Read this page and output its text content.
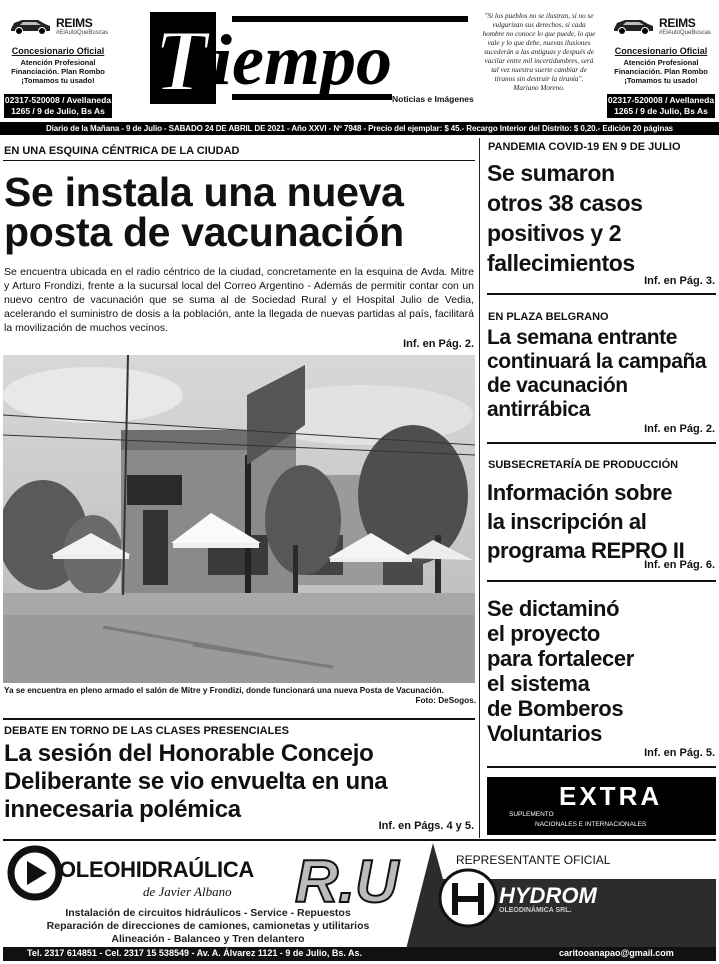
REIMS
#ElAutoQueBuscas
Concesionario Oficial
Atención Profesional
Financiación. Plan Rombo
¡Tomamos tu usado!
02317-520008 / Avellaneda
1265 / 9 de Julio, Bs As
T iempo Noticias e Imágenes
"Si los pueblos no se ilustran, si no se vulgarizan sus derechos, si cada hombre no conoce lo que puede, lo que vale y lo que debe, nuevas ilusiones sucederán a las antiguas y después de vacilar entre mil incertidumbres, será tal vez nuestra suerte cambiar de tiranos sin destruir la tiranía". Mariano Moreno.
REIMS
#ElAutoQueBuscas
Concesionario Oficial
Atención Profesional
Financiación. Plan Rombo
¡Tomamos tu usado!
02317-520008 / Avellaneda
1265 / 9 de Julio, Bs As
Diario de la Mañana - 9 de Julio - SABADO 24 DE ABRIL DE 2021 - Año XXVI - Nº 7948 - Precio del ejemplar: $ 45.- Recargo Interior del Distrito: $ 0,20.- Edición 20 páginas
EN UNA ESQUINA CÉNTRICA DE LA CIUDAD
Se instala una nueva
posta de vacunación
Se encuentra ubicada en el radio céntrico de la ciudad, concretamente en la esquina de Avda. Mitre y Arturo Frondizi, frente a la sucursal local del Correo Argentino - Además de permitir contar con un nuevo centro de vacunación que se suma al de Sociedad Rural y el Hospital Julio de Vedia, acelerando el suministro de dosis a la población, ante la llegada de nuevas partidas al país, facilitará la movilización de muchos vecinos.
Inf. en Pág. 2.
Ya se encuentra en pleno armado el salón de Mitre y Frondizi, donde funcionará una nueva Posta de Vacunación.
Foto: DeSogos.
DEBATE EN TORNO DE LAS CLASES PRESENCIALES
La sesión del Honorable Concejo
Deliberante se vio envuelta en una
innecesaria polémica
Inf. en Págs. 4 y 5.
PANDEMIA COVID-19 EN 9 DE JULIO
Se sumaron
otros 38 casos
positivos y 2
fallecimientos
Inf. en Pág. 3.
EN PLAZA BELGRANO
La semana entrante
continuará la campaña
de vacunación
antirrábica
Inf. en Pág. 2.
SUBSECRETARÍA DE PRODUCCIÓN
Información sobre
la inscripción al
programa REPRO II
Inf. en Pág. 6.
Se dictaminó
el proyecto
para fortalecer
el sistema
de Bomberos
Voluntarios
Inf. en Pág. 5.
SUPLEMENTO
EXTRA
NACIONALES E INTERNACIONALES
OLEOHIDRAÚLICA
de Javier Albano R.U	REPRESENTANTE OFICIAL
HYDROM
OLEODINÁMICA SRL.
Instalación de circuitos hidráulicos - Service - Repuestos
Reparación de direcciones de camiones, camionetas y utilitarios
Alineación - Balanceo y Tren delantero
Tel. 2317 614851 - Cel. 2317 15 538549 - Av. A. Álvarez 1121 - 9 de Julio, Bs. As.	caritooanapao@gmail.com
